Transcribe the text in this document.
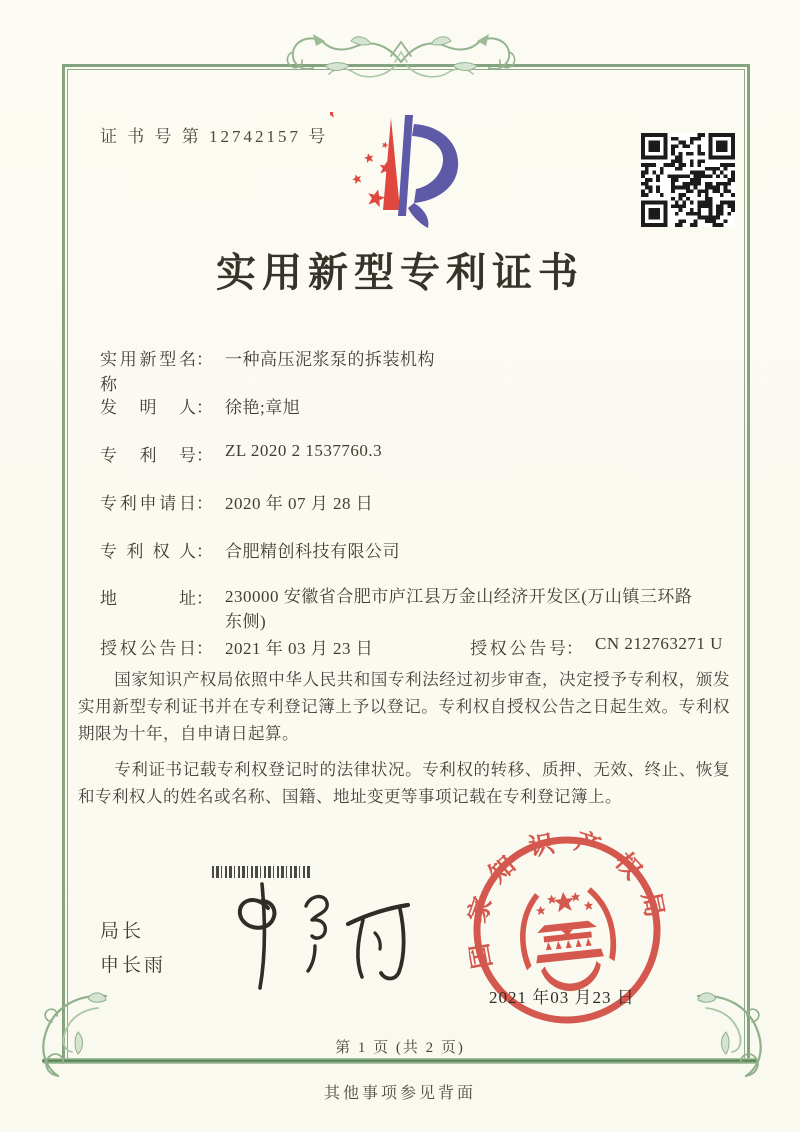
证 书 号 第 12742157 号
实用新型专利证书
实用新型名称： 一种高压泥浆泵的拆装机构
发明人： 徐艳;章旭
专利号： ZL 2020 2 1537760.3
专利申请日： 2020 年 07 月 28 日
专利权人： 合肥精创科技有限公司
地址： 230000 安徽省合肥市庐江县万金山经济开发区(万山镇三环路东侧)
授权公告日： 2021 年 03 月 23 日	授权公告号： CN 212763271 U

国家知识产权局依照中华人民共和国专利法经过初步审查，决定授予专利权，颁发实用新型专利证书并在专利登记簿上予以登记。专利权自授权公告之日起生效。专利权期限为十年，自申请日起算。

专利证书记载专利权登记时的法律状况。专利权的转移、质押、无效、终止、恢复和专利权人的姓名或名称、国籍、地址变更等事项记载在专利登记簿上。

局长
申长雨	国家知识产权局
2021 年03 月23 日
第 1 页 (共 2 页)
其他事项参见背面
